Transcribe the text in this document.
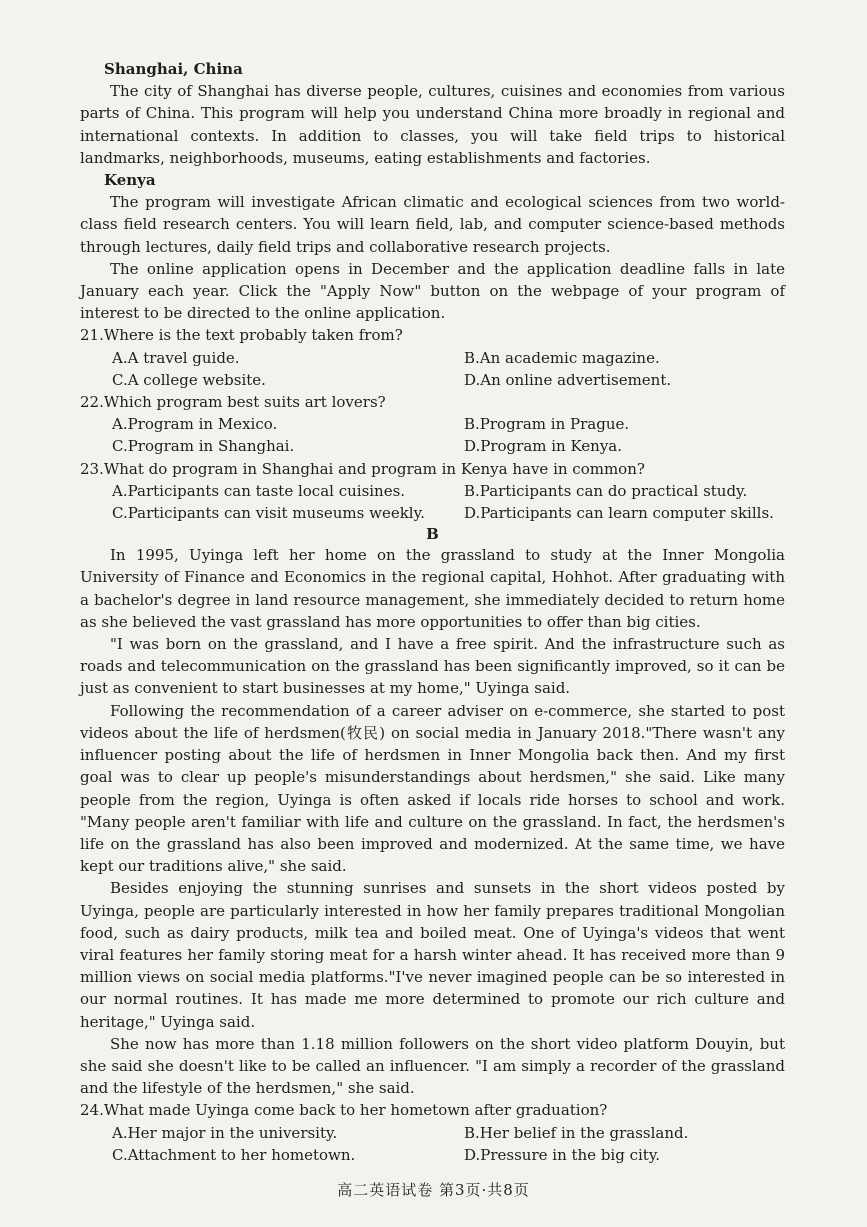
Shanghai, China

The city of Shanghai has diverse people, cultures, cuisines and economies from various parts of China. This program will help you understand China more broadly in regional and international contexts. In addition to classes, you will take field trips to historical landmarks, neighborhoods, museums, eating establishments and factories.

Kenya

The program will investigate African climatic and ecological sciences from two world-class field research centers. You will learn field, lab, and computer science-based methods through lectures, daily field trips and collaborative research projects.

The online application opens in December and the application deadline falls in late January each year. Click the "Apply Now" button on the webpage of your program of interest to be directed to the online application.

21.Where is the text probably taken from?
A.A travel guide.	B.An academic magazine.
C.A college website.	D.An online advertisement.
22.Which program best suits art lovers?
A.Program in Mexico.	B.Program in Prague.
C.Program in Shanghai.	D.Program in Kenya.
23.What do program in Shanghai and program in Kenya have in common?
A.Participants can taste local cuisines.	B.Participants can do practical study.
C.Participants can visit museums weekly.	D.Participants can learn computer skills.
B

In 1995, Uyinga left her home on the grassland to study at the Inner Mongolia University of Finance and Economics in the regional capital, Hohhot. After graduating with a bachelor's degree in land resource management, she immediately decided to return home as she believed the vast grassland has more opportunities to offer than big cities.

"I was born on the grassland, and I have a free spirit. And the infrastructure such as roads and telecommunication on the grassland has been significantly improved, so it can be just as convenient to start businesses at my home," Uyinga said.

Following the recommendation of a career adviser on e-commerce, she started to post videos about the life of herdsmen(牧民) on social media in January 2018."There wasn't any influencer posting about the life of herdsmen in Inner Mongolia back then. And my first goal was to clear up people's misunderstandings about herdsmen," she said. Like many people from the region, Uyinga is often asked if locals ride horses to school and work. "Many people aren't familiar with life and culture on the grassland. In fact, the herdsmen's life on the grassland has also been improved and modernized. At the same time, we have kept our traditions alive," she said.

Besides enjoying the stunning sunrises and sunsets in the short videos posted by Uyinga, people are particularly interested in how her family prepares traditional Mongolian food, such as dairy products, milk tea and boiled meat. One of Uyinga's videos that went viral features her family storing meat for a harsh winter ahead. It has received more than 9 million views on social media platforms."I've never imagined people can be so interested in our normal routines. It has made me more determined to promote our rich culture and heritage," Uyinga said.

She now has more than 1.18 million followers on the short video platform Douyin, but she said she doesn't like to be called an influencer. "I am simply a recorder of the grassland and the lifestyle of the herdsmen," she said.

24.What made Uyinga come back to her hometown after graduation?
A.Her major in the university.	B.Her belief in the grassland.
C.Attachment to her hometown.	D.Pressure in the big city.
高二英语试卷 第3页·共8页
